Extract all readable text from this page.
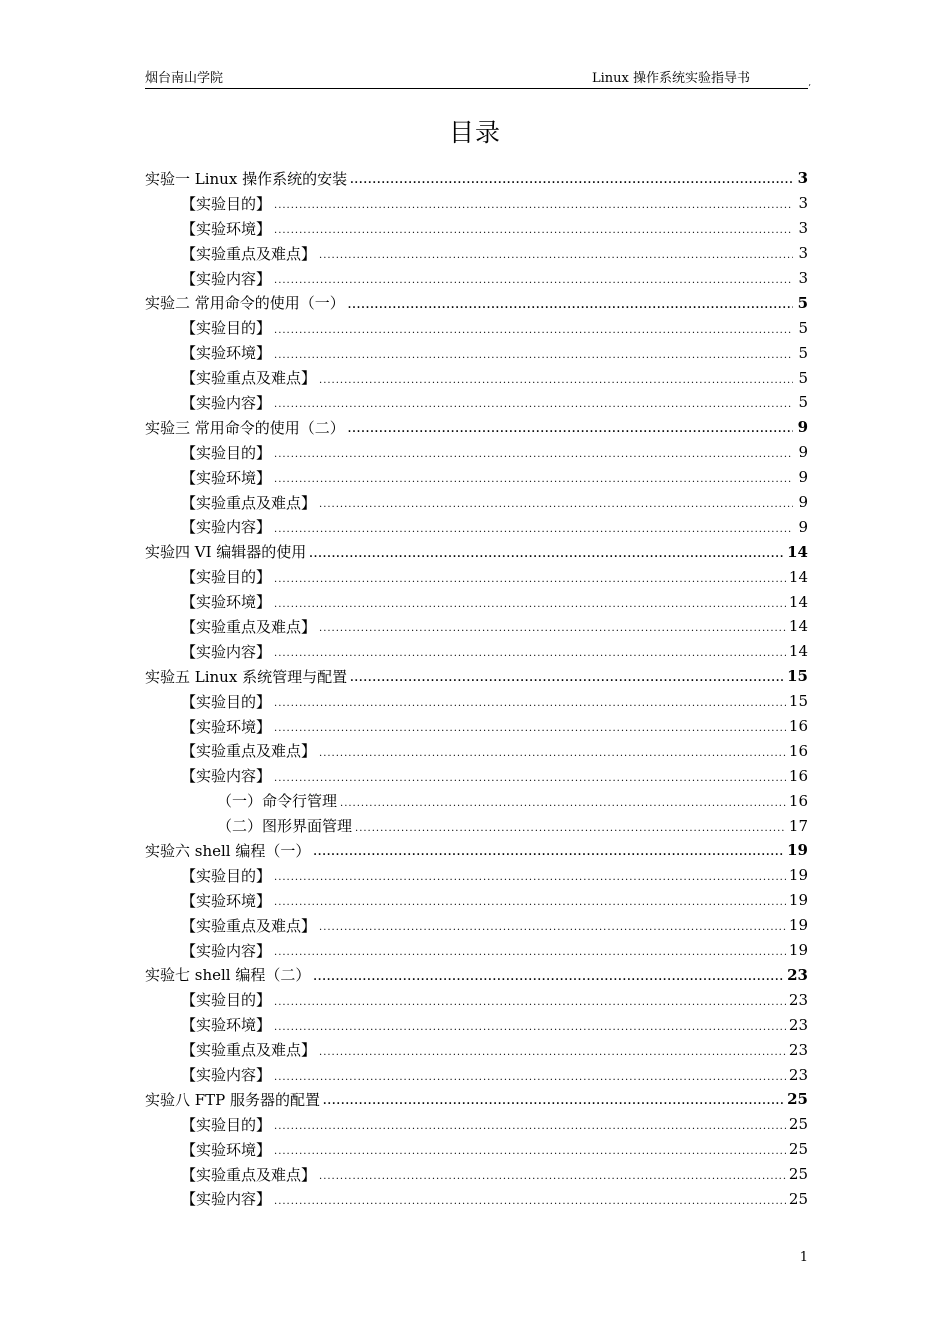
烟台南山学院	Linux 操作系统实验指导书	,
目录
实验一 Linux 操作系统的安装 .....	3
【实验目的】 .....	3
【实验环境】 .....	3
【实验重点及难点】 .....	3
【实验内容】 .....	3
实验二 常用命令的使用（一） .....	5
【实验目的】 .....	5
【实验环境】 .....	5
【实验重点及难点】 .....	5
【实验内容】 .....	5
实验三 常用命令的使用（二） .....	9
【实验目的】 .....	9
【实验环境】 .....	9
【实验重点及难点】 .....	9
【实验内容】 .....	9
实验四 VI 编辑器的使用 .....	14
【实验目的】 .....	14
【实验环境】 .....	14
【实验重点及难点】 .....	14
【实验内容】 .....	14
实验五 Linux 系统管理与配置 .....	15
【实验目的】 .....	15
【实验环境】 .....	16
【实验重点及难点】 .....	16
【实验内容】 .....	16
（一）命令行管理 .....	16
（二）图形界面管理 .....	17
实验六 shell 编程（一） .....	19
【实验目的】 .....	19
【实验环境】 .....	19
【实验重点及难点】 .....	19
【实验内容】 .....	19
实验七 shell 编程（二） .....	23
【实验目的】 .....	23
【实验环境】 .....	23
【实验重点及难点】 .....	23
【实验内容】 .....	23
实验八 FTP 服务器的配置 .....	25
【实验目的】 .....	25
【实验环境】 .....	25
【实验重点及难点】 .....	25
【实验内容】 .....	25
1
